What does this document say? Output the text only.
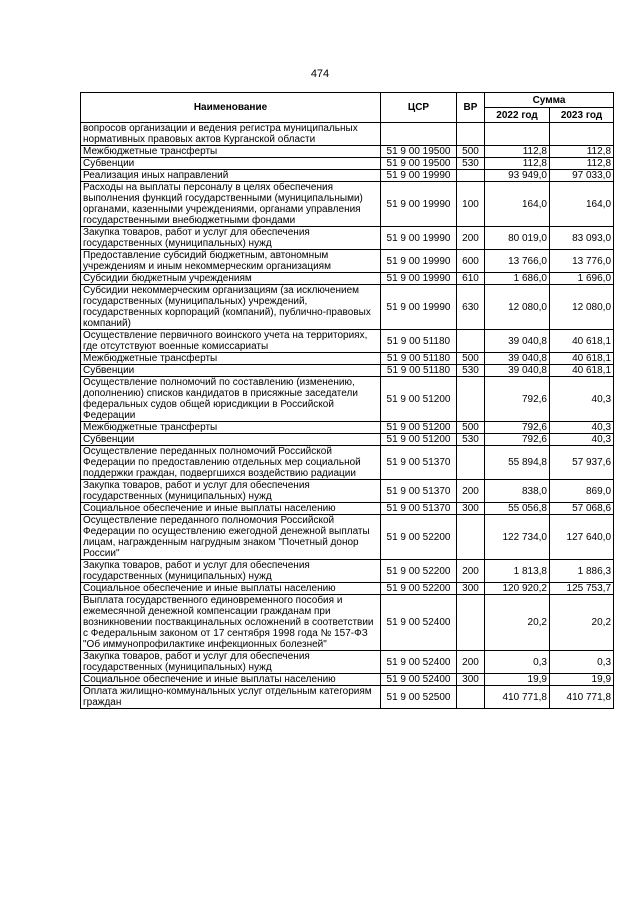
474
Наименование	ЦСР	ВР	Сумма	
			2022 год	2023 год
вопросов организации и ведения регистра муниципальных нормативных правовых актов Курганской области				
Межбюджетные трансферты	51 9 00 19500	500	112,8	112,8
Субвенции	51 9 00 19500	530	112,8	112,8
Реализация иных направлений	51 9 00 19990		93 949,0	97 033,0
Расходы на выплаты персоналу в целях обеспечения выполнения функций государственными (муниципальными) органами, казенными учреждениями, органами управления государственными внебюджетными фондами	51 9 00 19990	100	164,0	164,0
Закупка товаров, работ и услуг для обеспечения государственных (муниципальных) нужд	51 9 00 19990	200	80 019,0	83 093,0
Предоставление субсидий бюджетным, автономным учреждениям и иным некоммерческим организациям	51 9 00 19990	600	13 766,0	13 776,0
Субсидии бюджетным учреждениям	51 9 00 19990	610	1 686,0	1 696,0
Субсидии некоммерческим организациям (за исключением государственных (муниципальных) учреждений, государственных корпораций (компаний), публично-правовых компаний)	51 9 00 19990	630	12 080,0	12 080,0
Осуществление первичного воинского учета на территориях, где отсутствуют военные комиссариаты	51 9 00 51180		39 040,8	40 618,1
Межбюджетные трансферты	51 9 00 51180	500	39 040,8	40 618,1
Субвенции	51 9 00 51180	530	39 040,8	40 618,1
Осуществление полномочий по составлению (изменению, дополнению) списков кандидатов в присяжные заседатели федеральных судов общей юрисдикции в Российской Федерации	51 9 00 51200		792,6	40,3
Межбюджетные трансферты	51 9 00 51200	500	792,6	40,3
Субвенции	51 9 00 51200	530	792,6	40,3
Осуществление переданных полномочий Российской Федерации по предоставлению отдельных мер социальной поддержки граждан, подвергшихся воздействию радиации	51 9 00 51370		55 894,8	57 937,6
Закупка товаров, работ и услуг для обеспечения государственных (муниципальных) нужд	51 9 00 51370	200	838,0	869,0
Социальное обеспечение и иные выплаты населению	51 9 00 51370	300	55 056,8	57 068,6
Осуществление переданного полномочия Российской Федерации по осуществлению ежегодной денежной выплаты лицам, награжденным нагрудным знаком "Почетный донор России"	51 9 00 52200		122 734,0	127 640,0
Закупка товаров, работ и услуг для обеспечения государственных (муниципальных) нужд	51 9 00 52200	200	1 813,8	1 886,3
Социальное обеспечение и иные выплаты населению	51 9 00 52200	300	120 920,2	125 753,7
Выплата государственного единовременного пособия и ежемесячной денежной компенсации гражданам при возникновении поствакцинальных осложнений в соответствии с Федеральным законом от 17 сентября 1998 года № 157-ФЗ "Об иммунопрофилактике инфекционных болезней"	51 9 00 52400		20,2	20,2
Закупка товаров, работ и услуг для обеспечения государственных (муниципальных) нужд	51 9 00 52400	200	0,3	0,3
Социальное обеспечение и иные выплаты населению	51 9 00 52400	300	19,9	19,9
Оплата жилищно-коммунальных услуг отдельным категориям граждан	51 9 00 52500		410 771,8	410 771,8
